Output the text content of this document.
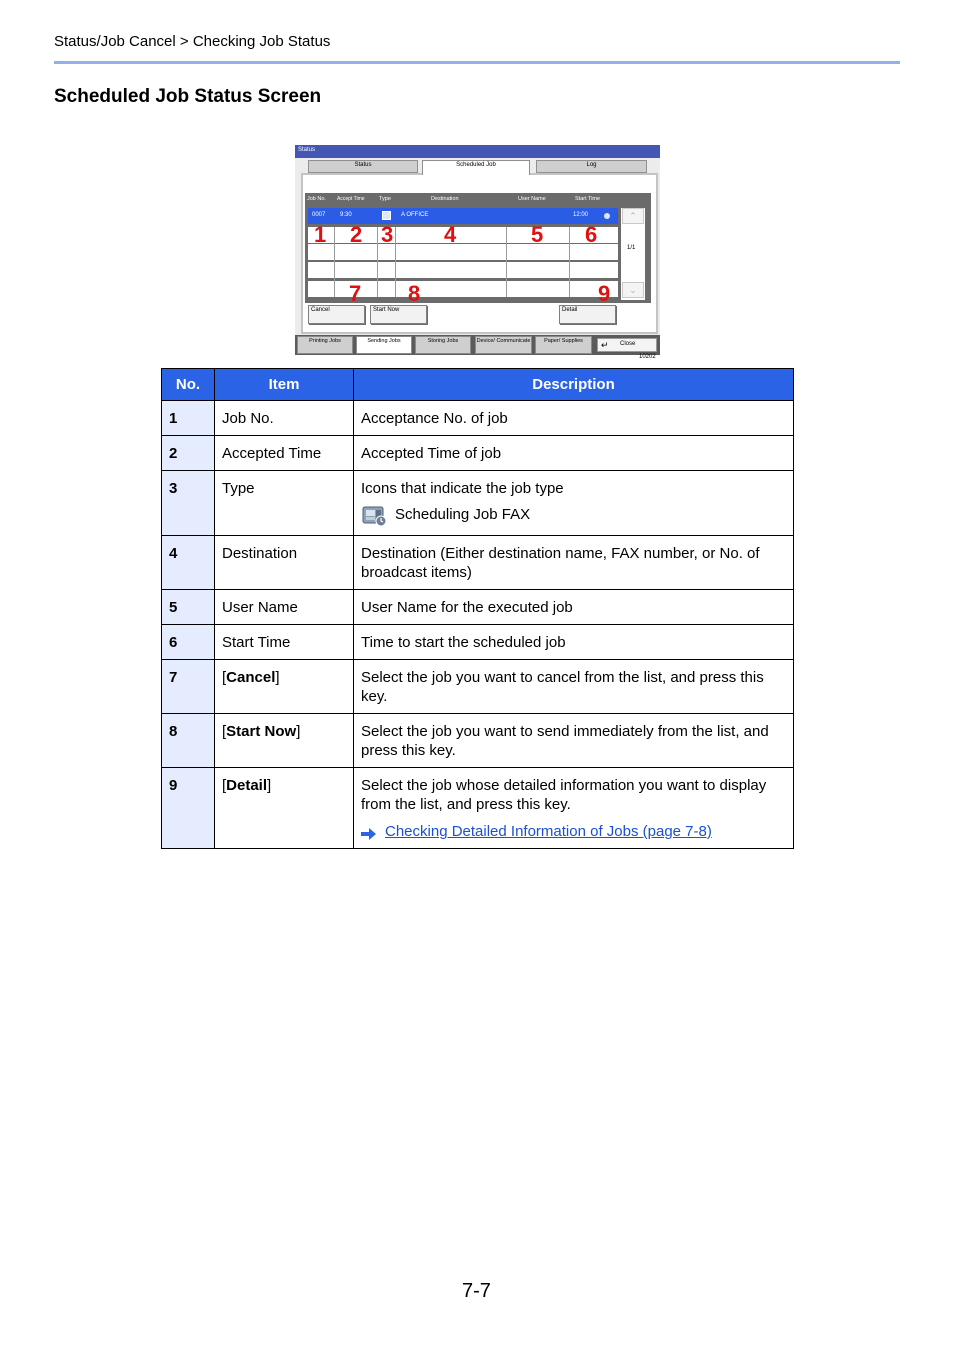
Status/Job Cancel > Checking Job Status
Scheduled Job Status Screen
Status
Status	Scheduled Job	Log
Job No. Accept Time	Type	Destination	User Name	Start Time
0007 9:30	A OFFICE	12:00	⌃
1/1
⌄
Cancel	Start Now	Detail
Printing Jobs	Sending Jobs	Storing Jobs	Device/ Communicate	Paper/ Supplies	↵ Close
10202
1 2 3 4	5 6
7 8	9
No.	Item	Description
1	Job No.	Acceptance No. of job
2	Accepted Time	Accepted Time of job
3	Type	Icons that indicate the job type
Scheduling Job FAX

4	Destination	Destination (Either destination name, FAX number, or No. of broadcast items)
5	User Name	User Name for the executed job
6	Start Time	Time to start the scheduled job
7	[Cancel]	Select the job you want to cancel from the list, and press this key.
8	[Start Now]	Select the job you want to send immediately from the list, and press this key.
9	[Detail]	Select the job whose detailed information you want to display from the list, and press this key.
Checking Detailed Information of Jobs (page 7-8)
7-7
